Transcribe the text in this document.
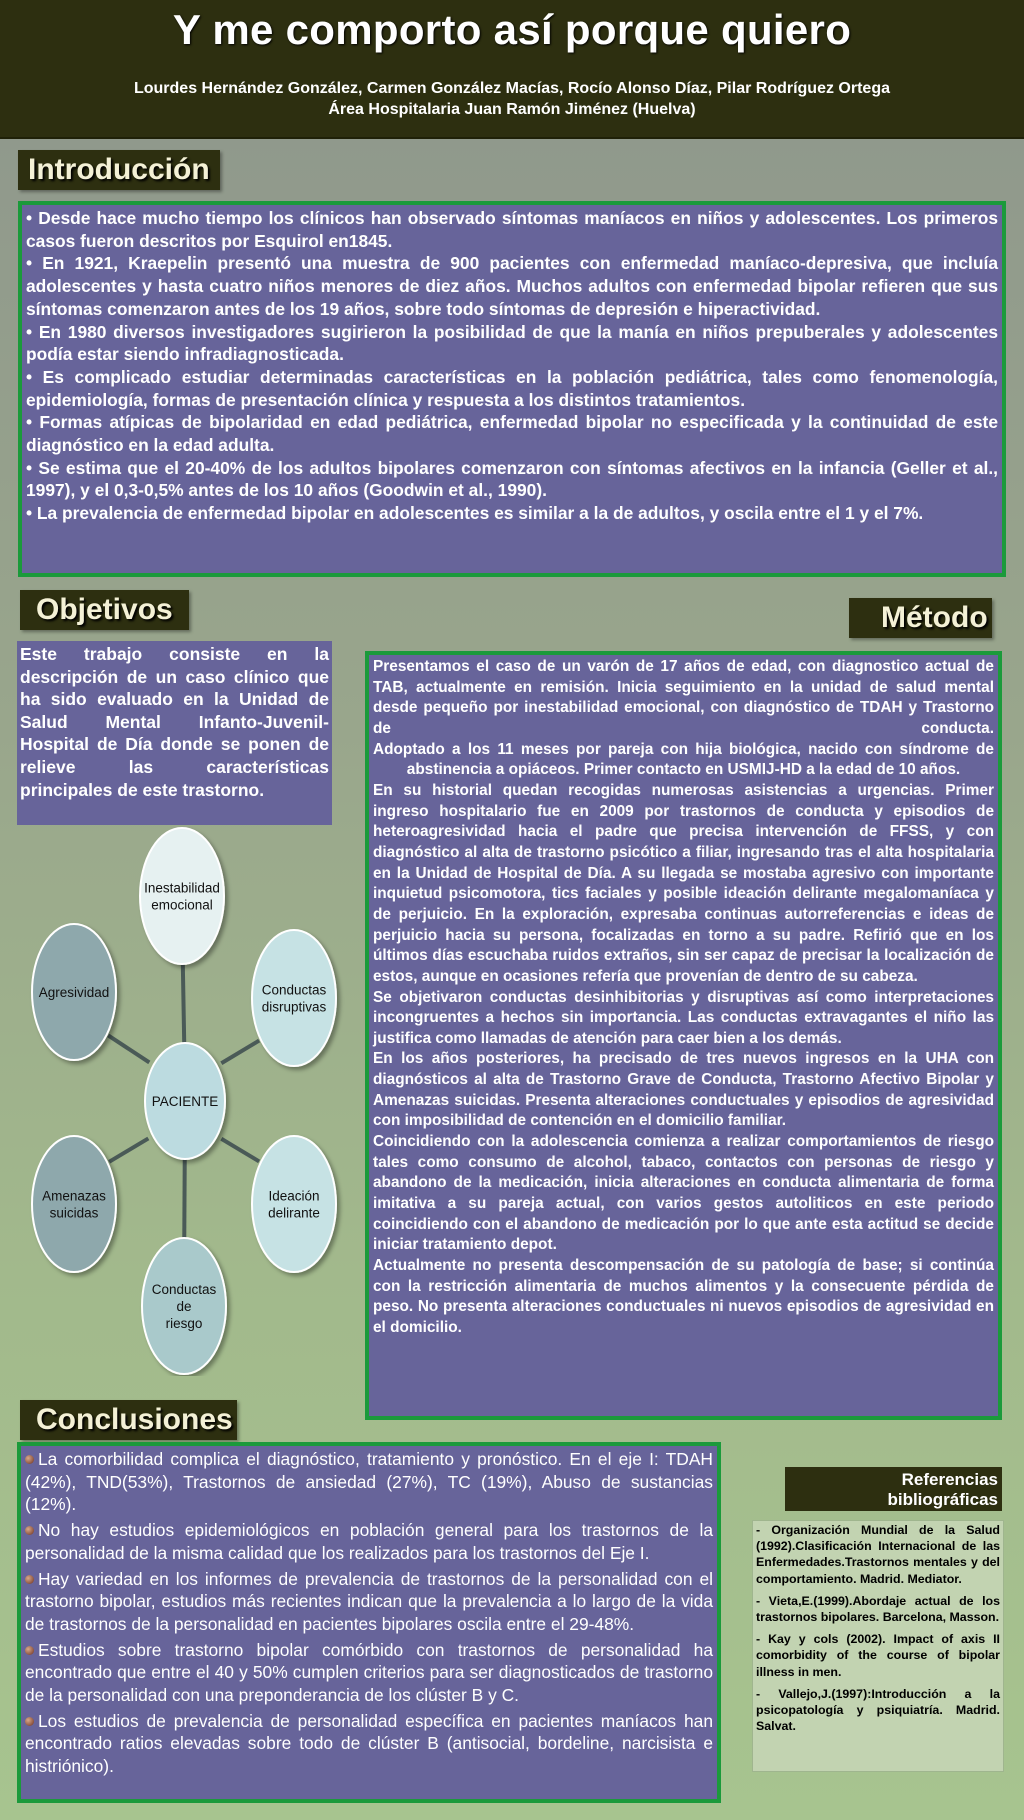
Y me comporto así porque quiero
Lourdes Hernández González, Carmen González Macías, Rocío Alonso Díaz, Pilar Rodríguez Ortega
Área Hospitalaria Juan Ramón Jiménez (Huelva)
Introducción

• Desde hace mucho tiempo los clínicos han observado síntomas maníacos en niños y adolescentes. Los primeros casos fueron descritos por Esquirol en1845.

• En 1921, Kraepelin presentó una muestra de 900 pacientes con enfermedad maníaco-depresiva, que incluía adolescentes y hasta cuatro niños menores de diez años. Muchos adultos con enfermedad bipolar refieren que sus síntomas comenzaron antes de los 19 años, sobre todo síntomas de depresión e hiperactividad.

• En 1980 diversos investigadores sugirieron la posibilidad de que la manía en niños prepuberales y adolescentes podía estar siendo infradiagnosticada.

• Es complicado estudiar determinadas características en la población pediátrica, tales como fenomenología, epidemiología, formas de presentación clínica y respuesta a los distintos tratamientos.

• Formas atípicas de bipolaridad en edad pediátrica, enfermedad bipolar no especificada y la continuidad de este diagnóstico en la edad adulta.

• Se estima que el 20-40% de los adultos bipolares comenzaron con síntomas afectivos en la infancia (Geller et al., 1997), y el 0,3-0,5% antes de los 10 años (Goodwin et al., 1990).

• La prevalencia de enfermedad bipolar en adolescentes es similar a la de adultos, y oscila entre el 1 y el 7%.

Objetivos
Este trabajo consiste en la descripción de un caso clínico que ha sido evaluado en la Unidad de Salud Mental Infanto-Juvenil- Hospital de Día donde se ponen de relieve las características principales de este trastorno.
Inestabilidad
emocional
Conductas
disruptivas
Ideación
delirante
Conductas
de
riesgo
Amenazas
suicidas
Agresividad
PACIENTE
Método

Presentamos el caso de un varón de 17 años de edad, con diagnostico actual de TAB, actualmente en remisión. Inicia seguimiento en la unidad de salud mental desde pequeño por inestabilidad emocional, con diagnóstico de TDAH y Trastorno de conducta.

Adoptado a los 11 meses por pareja con hija biológica, nacido con síndrome de abstinencia a opiáceos. Primer contacto en USMIJ-HD a la edad de 10 años.

En su historial quedan recogidas numerosas asistencias a urgencias. Primer ingreso hospitalario fue en 2009 por trastornos de conducta y episodios de heteroagresividad hacia el padre que precisa intervención de FFSS, y con diagnóstico al alta de trastorno psicótico a filiar, ingresando tras el alta hospitalaria en la Unidad de Hospital de Día. A su llegada se mostaba agresivo con importante inquietud psicomotora, tics faciales y posible ideación delirante megalomaníaca y de perjuicio. En la exploración, expresaba continuas autorreferencias e ideas de perjuicio hacia su persona, focalizadas en torno a su padre. Refirió que en los últimos días escuchaba ruidos extraños, sin ser capaz de precisar la localización de estos, aunque en ocasiones refería que provenían de dentro de su cabeza.

Se objetivaron conductas desinhibitorias y disruptivas así como interpretaciones incongruentes a hechos sin importancia. Las conductas extravagantes el niño las justifica como llamadas de atención para caer bien a los demás.

En los años posteriores, ha precisado de tres nuevos ingresos en la UHA con diagnósticos al alta de Trastorno Grave de Conducta, Trastorno Afectivo Bipolar y Amenazas suicidas. Presenta alteraciones conductuales y episodios de agresividad con imposibilidad de contención en el domicilio familiar.

Coincidiendo con la adolescencia comienza a realizar comportamientos de riesgo tales como consumo de alcohol, tabaco, contactos con personas de riesgo y abandono de la medicación, inicia alteraciones en conducta alimentaria de forma imitativa a su pareja actual, con varios gestos autoliticos en este periodo coincidiendo con el abandono de medicación por lo que ante esta actitud se decide iniciar tratamiento depot.

Actualmente no presenta descompensación de su patología de base; si continúa con la restricción alimentaria de muchos alimentos y la consecuente pérdida de peso. No presenta alteraciones conductuales ni nuevos episodios de agresividad en el domicilio.

Conclusiones
La comorbilidad complica el diagnóstico, tratamiento y pronóstico. En el eje I: TDAH (42%), TND(53%), Trastornos de ansiedad (27%), TC (19%), Abuso de sustancias (12%).
No hay estudios epidemiológicos en población general para los trastornos de la personalidad de la misma calidad que los realizados para los trastornos del Eje I.
Hay variedad en los informes de prevalencia de trastornos de la personalidad con el trastorno bipolar, estudios más recientes indican que la prevalencia a lo largo de la vida de trastornos de la personalidad en pacientes bipolares oscila entre el 29-48%.
Estudios sobre trastorno bipolar comórbido con trastornos de personalidad ha encontrado que entre el 40 y 50% cumplen criterios para ser diagnosticados de trastorno de la personalidad con una preponderancia de los clúster B y C.
Los estudios de prevalencia de personalidad específica en pacientes maníacos han encontrado ratios elevadas sobre todo de clúster B (antisocial, bordeline, narcisista e histriónico).
Referencias
bibliográficas

- Organización Mundial de la Salud (1992).Clasificación Internacional de las Enfermedades.Trastornos mentales y del comportamiento. Madrid. Mediator.

- Vieta,E.(1999).Abordaje actual de los trastornos bipolares. Barcelona, Masson.

- Kay y cols (2002). Impact of axis II comorbidity of the course of bipolar illness in men.

- Vallejo,J.(1997):Introducción a la psicopatología y psiquiatría. Madrid. Salvat.
